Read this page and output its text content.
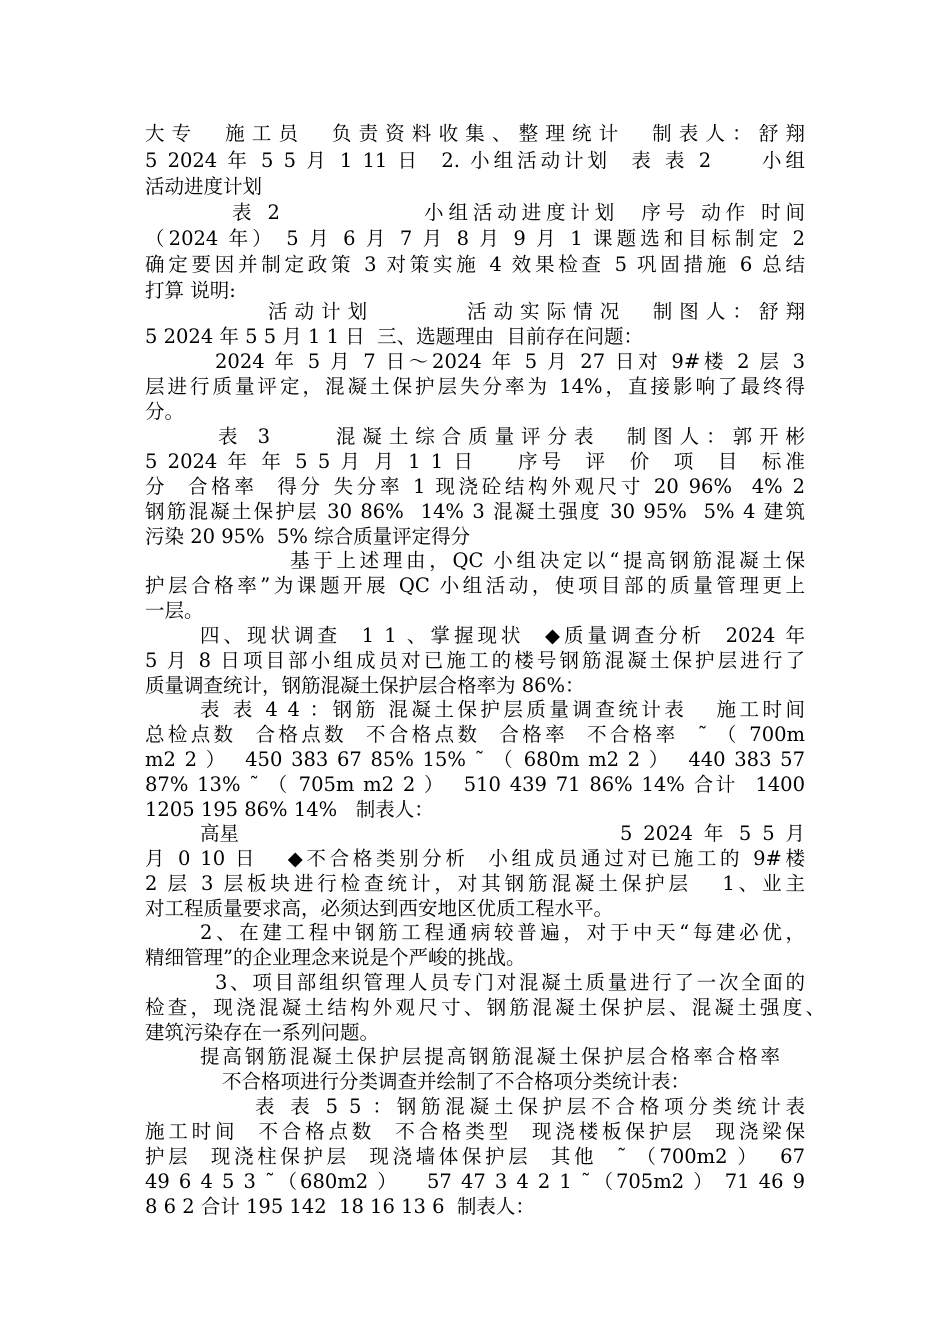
大专  施工员  负责资料收集、整理统计  制表人：舒翔
5 2024 年 5 5 月 1 11 日  2. 小组活动计划  表 表 2     小组
活动进度计划
表 2             小组活动进度计划  序号 动作 时间
（2024 年） 5 月 6 月 7 月 8 月 9 月 1 课题选和目标制定 2
确定要因并制定政策 3 对策实施 4 效果检查 5 巩固措施 6 总结
打算 说明:
活动计划       活动实际情况  制图人：舒翔
5 2024 年 5 5 月 1 1 日  三、选题理由  目前存在问题：
2024 年 5 月 7 日～2024 年 5 月 27 日对 9#楼 2 层 3
层进行质量评定，混凝土保护层失分率为 14%，直接影响了最终得
分。
表 3     混凝土综合质量评分表  制图人：郭开彬
5 2024 年 年 5 5 月 月 1 1 日    序号  评  价  项  目  标准
分  合格率  得分 失分率 1 现浇砼结构外观尺寸 20 96%  4% 2
钢筋混凝土保护层 30 86%  14% 3 混凝土强度 30 95%  5% 4 建筑
污染 20 95%  5% 综合质量评定得分
基于上述理由，QC 小组决定以“提高钢筋混凝土保
护层合格率”为课题开展 QC 小组活动，使项目部的质量管理更上
一层。
四、现状调查  1 1 、掌握现状  ◆质量调查分析  2024 年
5 月 8 日项目部小组成员对已施工的楼号钢筋混凝土保护层进行了
质量调查统计，钢筋混凝土保护层合格率为 86%：
表 表 4 4 ：钢筋 混凝土保护层质量调查统计表   施工时间
总检点数  合格点数  不合格点数  合格率  不合格率  ˜ （ 700m
m2 2 ）  450 383 67 85% 15% ˜ （ 680m m2 2 ）  440 383 57
87% 13% ˜ （ 705m m2 2 ）  510 439 71 86% 14% 合计  1400
1205 195 86% 14%   制表人：
高星	5 2024 年 5 5 月
月 0 10 日   ◆不合格类别分析  小组成员通过对已施工的 9#楼
2 层 3 层板块进行检查统计，对其钢筋混凝土保护层   1、业主
对工程质量要求高，必须达到西安地区优质工程水平。
2、在建工程中钢筋工程通病较普遍，对于中天“每建必优，
精细管理”的企业理念来说是个严峻的挑战。
3、项目部组织管理人员专门对混凝土质量进行了一次全面的
检查，现浇混凝土结构外观尺寸、钢筋混凝土保护层、混凝土强度、
建筑污染存在一系列问题。
提高钢筋混凝土保护层提高钢筋混凝土保护层合格率合格率
不合格项进行分类调查并绘制了不合格项分类统计表：
表 表 5 5 ：钢筋混凝土保护层不合格项分类统计表
施工时间  不合格点数  不合格类型  现浇楼板保护层  现浇梁保
护层  现浇柱保护层  现浇墙体保护层  其他  ˜ （700m2 ）  67
49 6 4 5 3 ˜（680m2 ）   57 47 3 4 2 1 ˜（705m2 ） 71 46 9
8 6 2 合计 195 142  18 16 13 6  制表人：
